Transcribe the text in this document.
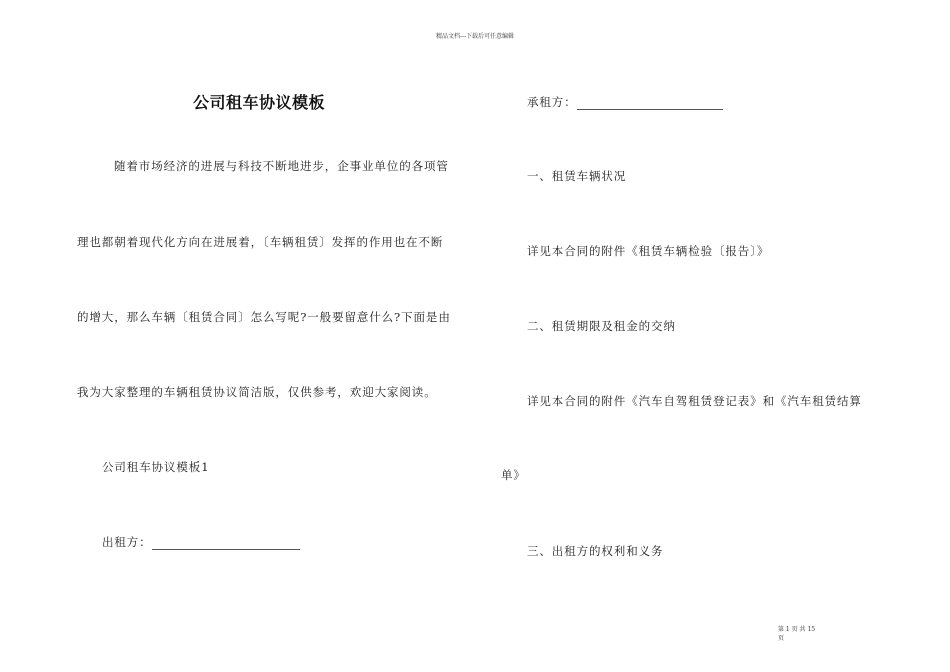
精品文档---下载后可任意编辑
公司租车协议模板
随着市场经济的进展与科技不断地进步，企事业单位的各项管
理也都朝着现代化方向在进展着，〔车辆租赁〕发挥的作用也在不断
的增大，那么车辆〔租赁合同〕怎么写呢?一般要留意什么?下面是由
我为大家整理的车辆租赁协议简洁版，仅供参考，欢迎大家阅读。
公司租车协议模板1
出租方：
承租方：
一、租赁车辆状况
详见本合同的附件《租赁车辆检验〔报告〕》
二、租赁期限及租金的交纳
详见本合同的附件《汽车自驾租赁登记表》和《汽车租赁结算
单》
三、出租方的权利和义务
第 1 页 共 15
页
